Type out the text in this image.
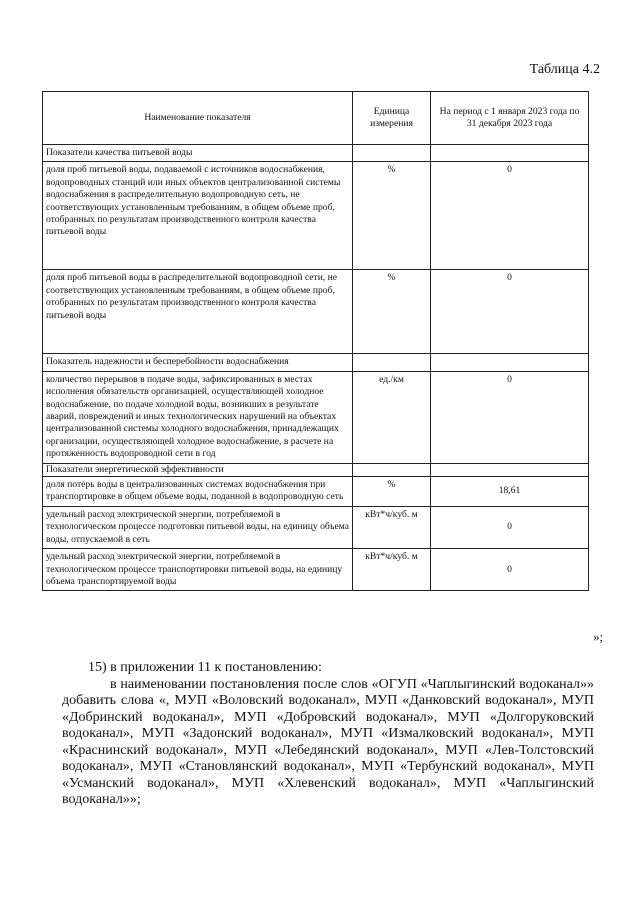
Таблица 4.2
Наименование показателя	Единица измерения	На период с 1 января 2023 года по 31 декабря 2023 года
Показатели качества питьевой воды		
доля проб питьевой воды, подаваемой с источников водоснабжения, водопроводных станций или иных объектов централизованной системы водоснабжения в распределительную водопроводную сеть, не соответствующих установленным требованиям, в общем объеме проб, отобранных по результатам производственного контроля качества питьевой воды	%	0
доля проб питьевой воды в распределительной водопроводной сети, не соответствующих установленным требованиям, в общем объеме проб, отобранных по результатам производственного контроля качества питьевой воды	%	0
Показатель надежности и бесперебойности водоснабжения		
количество перерывов в подаче воды, зафиксированных в местах исполнения обязательств организацией, осуществляющей холодное водоснабжение, по подаче холодной воды, возникших в результате аварий, повреждений и иных технологических нарушений на объектах централизованной системы холодного водоснабжения, принадлежащих организации, осуществляющей холодное водоснабжение, в расчете на протяженность водопроводной сети в год	ед./км	0
Показатели энергетической эффективности		
доля потерь воды в централизованных системах водоснабжения при транспортировке в общем объеме воды, поданной в водопроводную сеть	%	18,61
удельный расход электрической энергии, потребляемой в технологическом процессе подготовки питьевой воды, на единицу объема воды, отпускаемой в сеть	кВт*ч/куб. м	0
удельный расход электрической энергии, потребляемой в технологическом процессе транспортировки питьевой воды, на единицу объема транспортируемой воды	кВт*ч/куб. м	0
»;

15) в приложении 11 к постановлению:

в наименовании постановления после слов «ОГУП «Чаплыгинский водоканал»» добавить слова «, МУП «Воловский водоканал», МУП «Данковский водоканал», МУП «Добринский водоканал», МУП «Добровский водоканал», МУП «Долгоруковский водоканал», МУП «Задонский водоканал», МУП «Измалковский водоканал», МУП «Краснинский водоканал», МУП «Лебедянский водоканал», МУП «Лев-Толстовский водоканал», МУП «Становлянский водоканал», МУП «Тербунский водоканал», МУП «Усманский водоканал», МУП «Хлевенский водоканал», МУП «Чаплыгинский водоканал»»;
